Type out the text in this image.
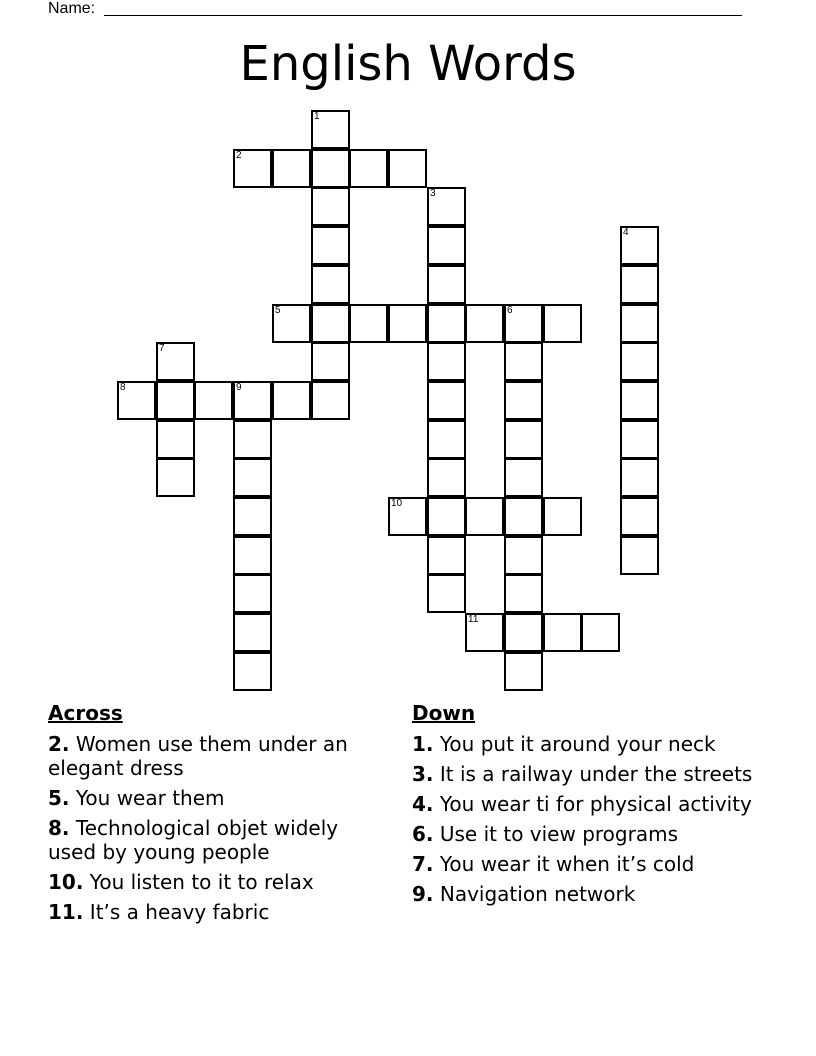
Name:
English Words
1
2
3
4
5	6
7
8	9
10
11
Across
2. Women use them under an elegant dress
5. You wear them
8. Technological objet widely used by young people
10. You listen to it to relax
11. It’s a heavy fabric
Down
1. You put it around your neck
3. It is a railway under the streets
4. You wear ti for physical activity
6. Use it to view programs
7. You wear it when it’s cold
9. Navigation network
